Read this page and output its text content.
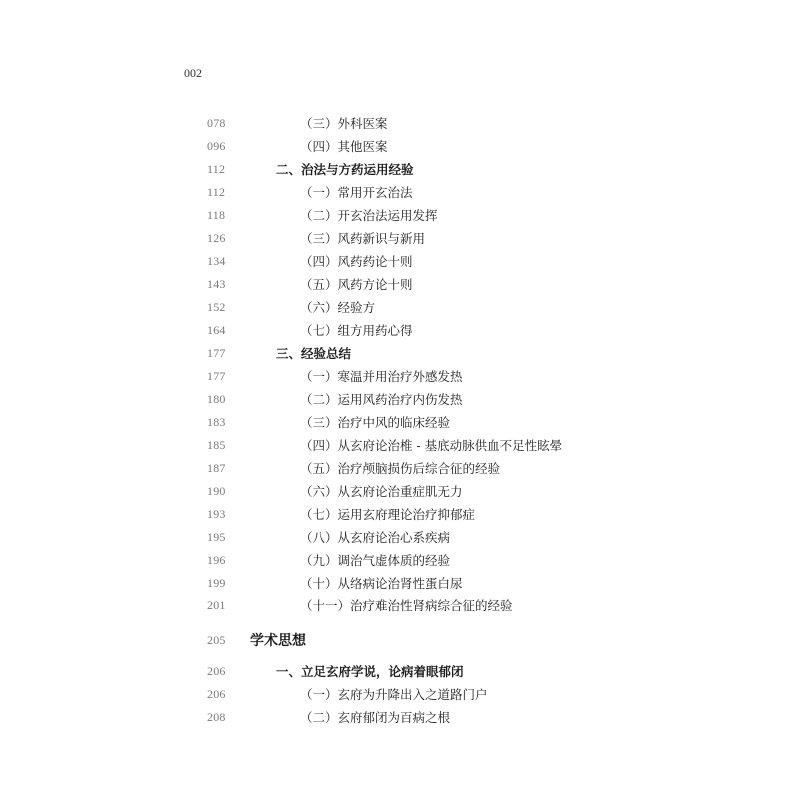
002
078	（三）外科医案
096	（四）其他医案
112	二、治法与方药运用经验
112	（一）常用开玄治法
118	（二）开玄治法运用发挥
126	（三）风药新识与新用
134	（四）风药药论十则
143	（五）风药方论十则
152	（六）经验方
164	（七）组方用药心得
177	三、经验总结
177	（一）寒温并用治疗外感发热
180	（二）运用风药治疗内伤发热
183	（三）治疗中风的临床经验
185	（四）从玄府论治椎 - 基底动脉供血不足性眩晕
187	（五）治疗颅脑损伤后综合征的经验
190	（六）从玄府论治重症肌无力
193	（七）运用玄府理论治疗抑郁症
195	（八）从玄府论治心系疾病
196	（九）调治气虚体质的经验
199	（十）从络病论治肾性蛋白尿
201	（十一）治疗难治性肾病综合征的经验
205 学术思想
206	一、立足玄府学说，论病着眼郁闭
206	（一）玄府为升降出入之道路门户
208	（二）玄府郁闭为百病之根
